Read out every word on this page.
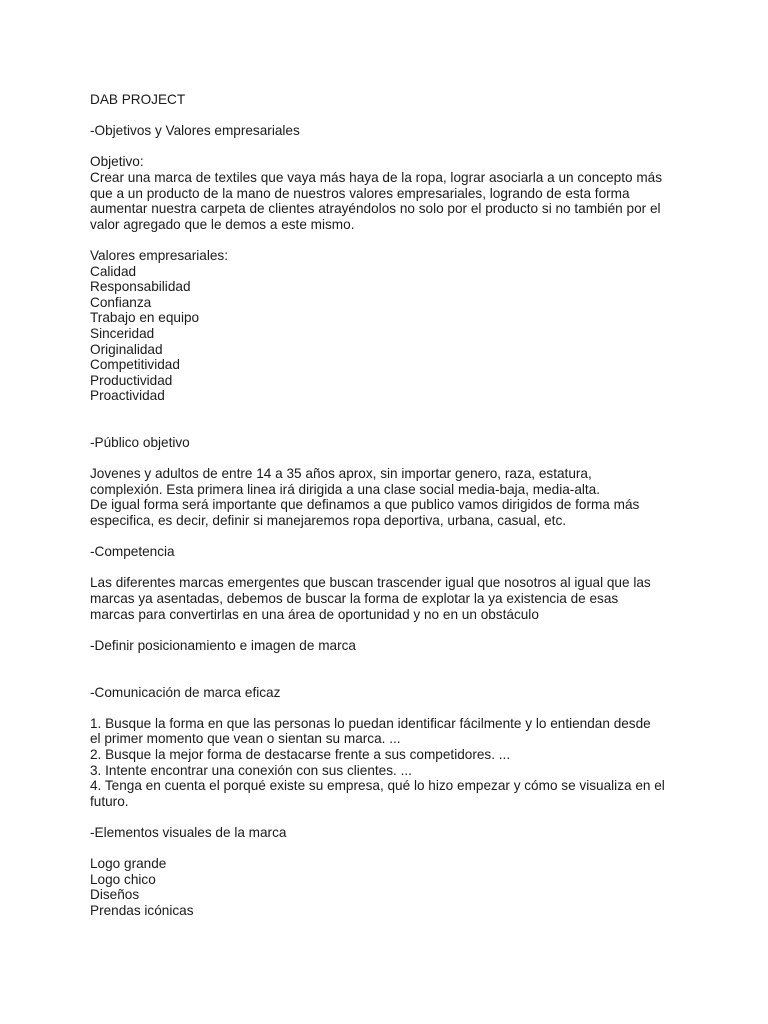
DAB PROJECT
-Objetivos y Valores empresariales
Objetivo:
Crear una marca de textiles que vaya más haya de la ropa, lograr asociarla a un concepto más
que a un producto de la mano de nuestros valores empresariales, logrando de esta forma
aumentar nuestra carpeta de clientes atrayéndolos no solo por el producto si no también por el
valor agregado que le demos a este mismo.
Valores empresariales:
Calidad
Responsabilidad
Confianza
Trabajo en equipo
Sinceridad
Originalidad
Competitividad
Productividad
Proactividad
-Público objetivo
Jovenes y adultos de entre 14 a 35 años aprox, sin importar genero, raza, estatura,
complexión. Esta primera linea irá dirigida a una clase social media-baja, media-alta.
De igual forma será importante que definamos a que publico vamos dirigidos de forma más
especifica, es decir, definir si manejaremos ropa deportiva, urbana, casual, etc.
-Competencia
Las diferentes marcas emergentes que buscan trascender igual que nosotros al igual que las
marcas ya asentadas, debemos de buscar la forma de explotar la ya existencia de esas
marcas para convertirlas en una área de oportunidad y no en un obstáculo
-Definir posicionamiento e imagen de marca
-Comunicación de marca eficaz
1. Busque la forma en que las personas lo puedan identificar fácilmente y lo entiendan desde
el primer momento que vean o sientan su marca. ...
2. Busque la mejor forma de destacarse frente a sus competidores. ...
3. Intente encontrar una conexión con sus clientes. ...
4. Tenga en cuenta el porqué existe su empresa, qué lo hizo empezar y cómo se visualiza en el
futuro.
-Elementos visuales de la marca
Logo grande
Logo chico
Diseños
Prendas icónicas
